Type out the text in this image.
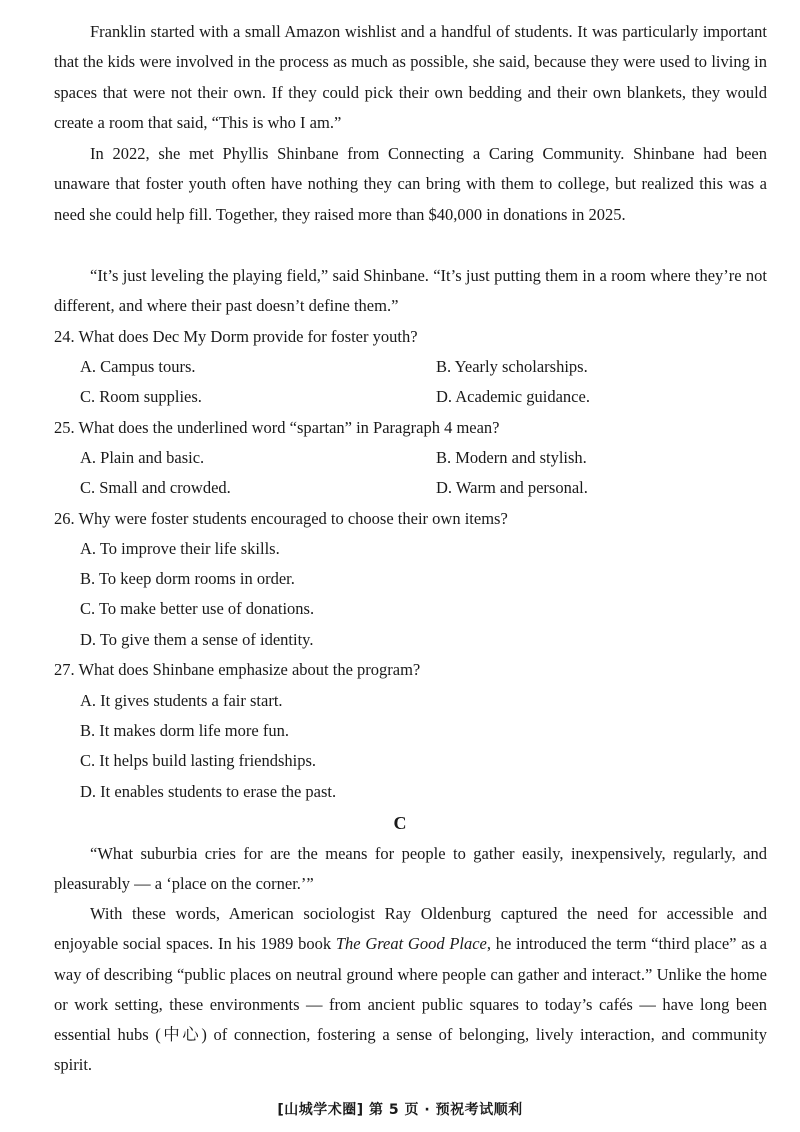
Franklin started with a small Amazon wishlist and a handful of students. It was particularly important that the kids were involved in the process as much as possible, she said, because they were used to living in spaces that were not their own. If they could pick their own bedding and their own blankets, they would create a room that said, “This is who I am.”

In 2022, she met Phyllis Shinbane from Connecting a Caring Community. Shinbane had been unaware that foster youth often have nothing they can bring with them to college, but realized this was a need she could help fill. Together, they raised more than $40,000 in donations in 2025.

“It’s just leveling the playing field,” said Shinbane. “It’s just putting them in a room where they’re not different, and where their past doesn’t define them.”

24. What does Dec My Dorm provide for foster youth?

A. Campus tours.	B. Yearly scholarships.

C. Room supplies.	D. Academic guidance.

25. What does the underlined word “spartan” in Paragraph 4 mean?

A. Plain and basic.	B. Modern and stylish.

C. Small and crowded.	D. Warm and personal.

26. Why were foster students encouraged to choose their own items?

A. To improve their life skills.

B. To keep dorm rooms in order.

C. To make better use of donations.

D. To give them a sense of identity.

27. What does Shinbane emphasize about the program?

A. It gives students a fair start.

B. It makes dorm life more fun.

C. It helps build lasting friendships.

D. It enables students to erase the past.

C

“What suburbia cries for are the means for people to gather easily, inexpensively, regularly, and pleasurably — a ‘place on the corner.’”

With these words, American sociologist Ray Oldenburg captured the need for accessible and enjoyable social spaces. In his 1989 book The Great Good Place, he introduced the term “third place” as a way of describing “public places on neutral ground where people can gather and interact.” Unlike the home or work setting, these environments — from ancient public squares to today’s cafés — have long been essential hubs (中心) of connection, fostering a sense of belonging, lively interaction, and community spirit.

[山城学术圈] 第 5 页 · 预祝考试顺利
